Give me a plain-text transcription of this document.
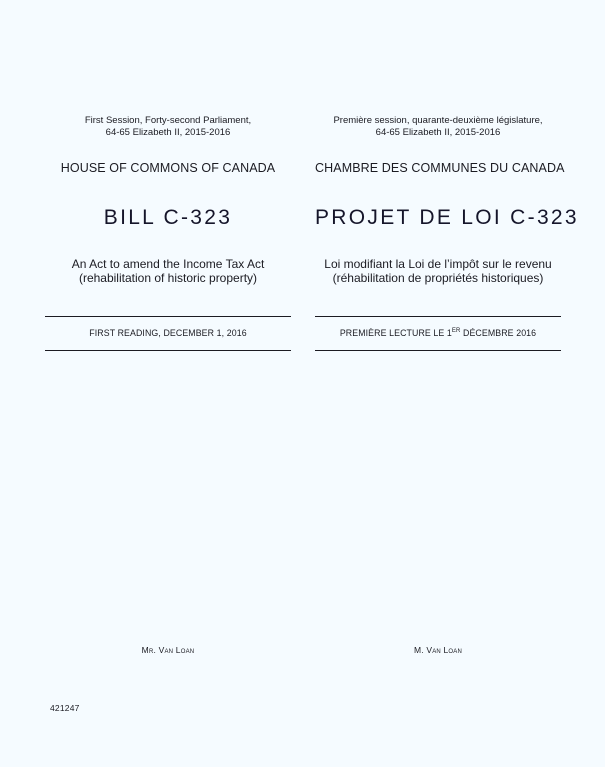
First Session, Forty-second Parliament,
64-65 Elizabeth II, 2015-2016
HOUSE OF COMMONS OF CANADA
BILL C-323
An Act to amend the Income Tax Act
(rehabilitation of historic property)
FIRST READING, DECEMBER 1, 2016
Mr. Van Loan
Première session, quarante-deuxième législature,
64-65 Elizabeth II, 2015-2016
CHAMBRE DES COMMUNES DU CANADA
PROJET DE LOI C-323
Loi modifiant la Loi de l’impôt sur le revenu
(réhabilitation de propriétés historiques)
PREMIÈRE LECTURE LE 1ER DÉCEMBRE 2016
M. Van Loan
421247
